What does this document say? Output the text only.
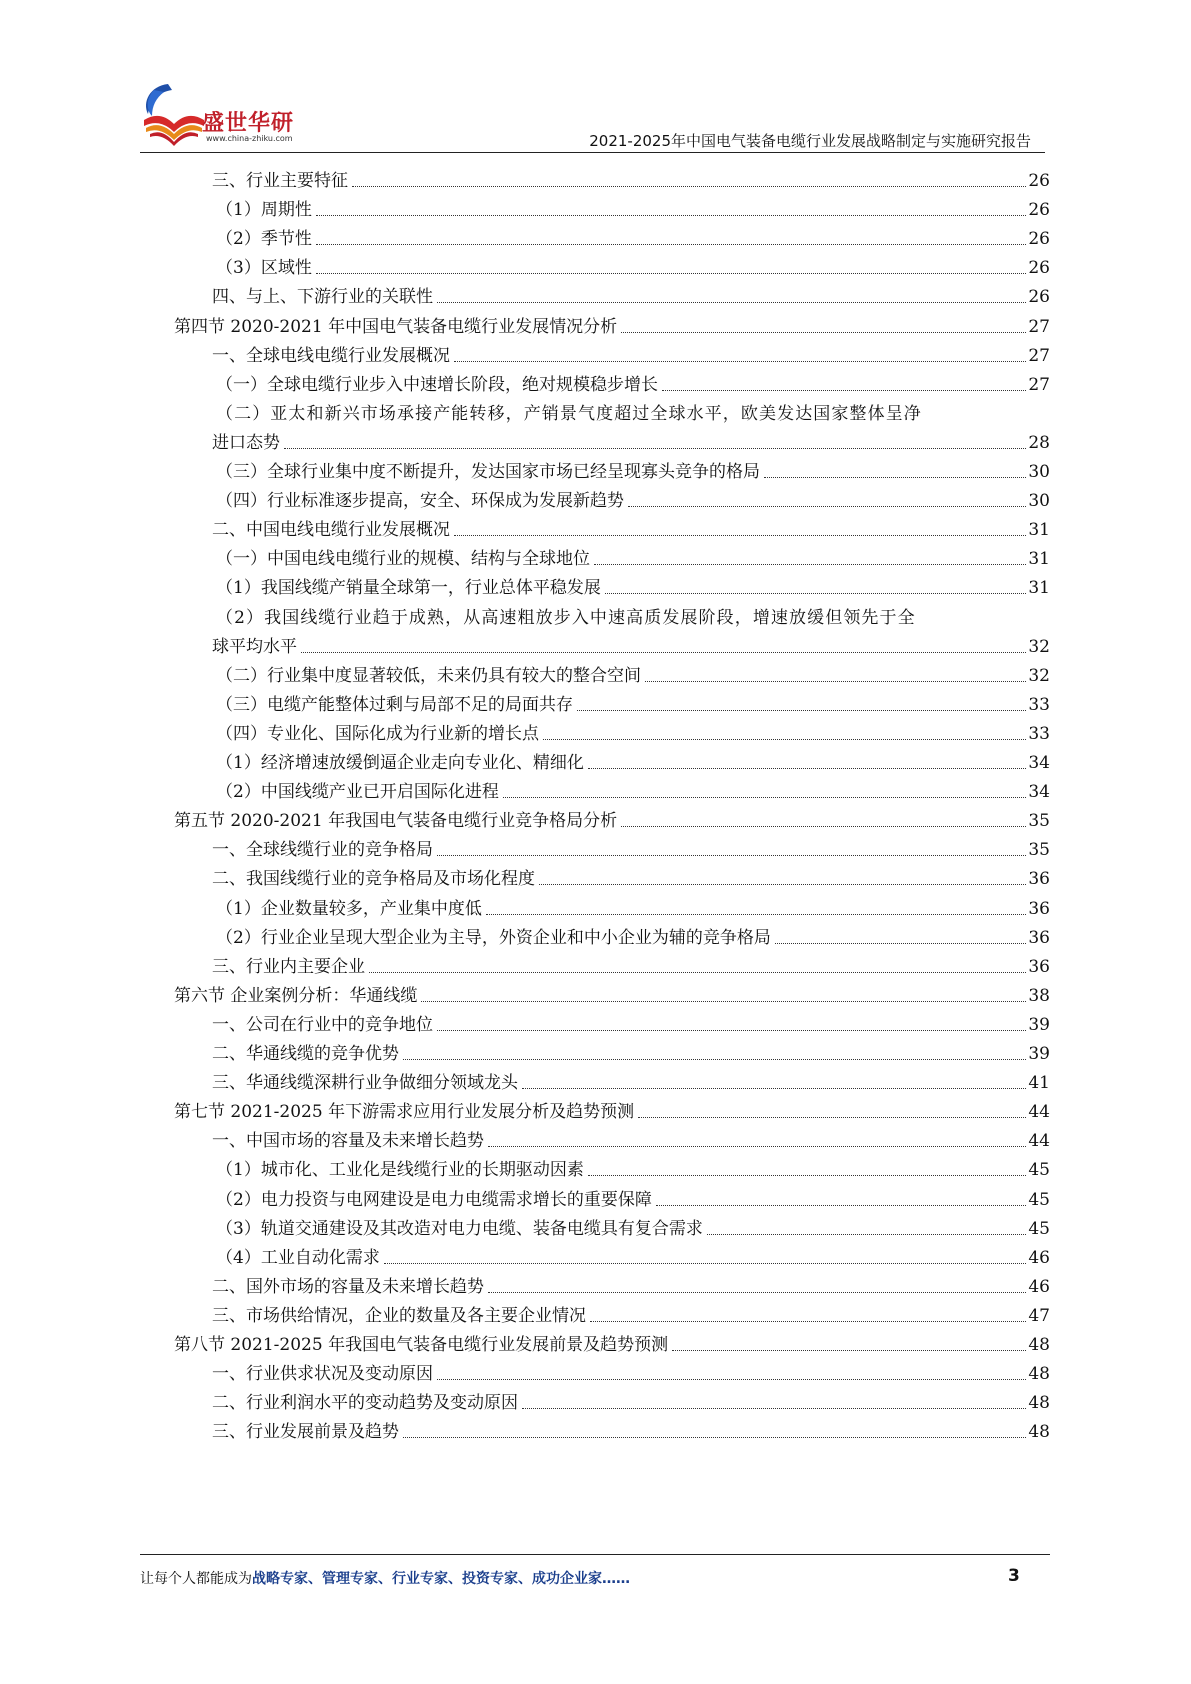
盛世华研
www.china-zhiku.com	2021-2025年中国电气装备电缆行业发展战略制定与实施研究报告
三、行业主要特征	26
（1）周期性	26
（2）季节性	26
（3）区域性	26
四、与上、下游行业的关联性	26
第四节 2020-2021 年中国电气装备电缆行业发展情况分析	27
一、全球电线电缆行业发展概况	27
（一）全球电缆行业步入中速增长阶段，绝对规模稳步增长	27
（二）亚太和新兴市场承接产能转移，产销景气度超过全球水平，欧美发达国家整体呈净
进口态势	28
（三）全球行业集中度不断提升，发达国家市场已经呈现寡头竞争的格局	30
（四）行业标准逐步提高，安全、环保成为发展新趋势	30
二、中国电线电缆行业发展概况	31
（一）中国电线电缆行业的规模、结构与全球地位	31
（1）我国线缆产销量全球第一，行业总体平稳发展	31
（2）我国线缆行业趋于成熟，从高速粗放步入中速高质发展阶段，增速放缓但领先于全
球平均水平	32
（二）行业集中度显著较低，未来仍具有较大的整合空间	32
（三）电缆产能整体过剩与局部不足的局面共存	33
（四）专业化、国际化成为行业新的增长点	33
（1）经济增速放缓倒逼企业走向专业化、精细化	34
（2）中国线缆产业已开启国际化进程	34
第五节 2020-2021 年我国电气装备电缆行业竞争格局分析	35
一、全球线缆行业的竞争格局	35
二、我国线缆行业的竞争格局及市场化程度	36
（1）企业数量较多，产业集中度低	36
（2）行业企业呈现大型企业为主导，外资企业和中小企业为辅的竞争格局	36
三、行业内主要企业	36
第六节 企业案例分析：华通线缆	38
一、公司在行业中的竞争地位	39
二、华通线缆的竞争优势	39
三、华通线缆深耕行业争做细分领域龙头	41
第七节 2021-2025 年下游需求应用行业发展分析及趋势预测	44
一、中国市场的容量及未来增长趋势	44
（1）城市化、工业化是线缆行业的长期驱动因素	45
（2）电力投资与电网建设是电力电缆需求增长的重要保障	45
（3）轨道交通建设及其改造对电力电缆、装备电缆具有复合需求	45
（4）工业自动化需求	46
二、国外市场的容量及未来增长趋势	46
三、市场供给情况，企业的数量及各主要企业情况	47
第八节 2021-2025 年我国电气装备电缆行业发展前景及趋势预测	48
一、行业供求状况及变动原因	48
二、行业利润水平的变动趋势及变动原因	48
三、行业发展前景及趋势	48
让每个人都能成为战略专家、管理专家、行业专家、投资专家、成功企业家……	3
